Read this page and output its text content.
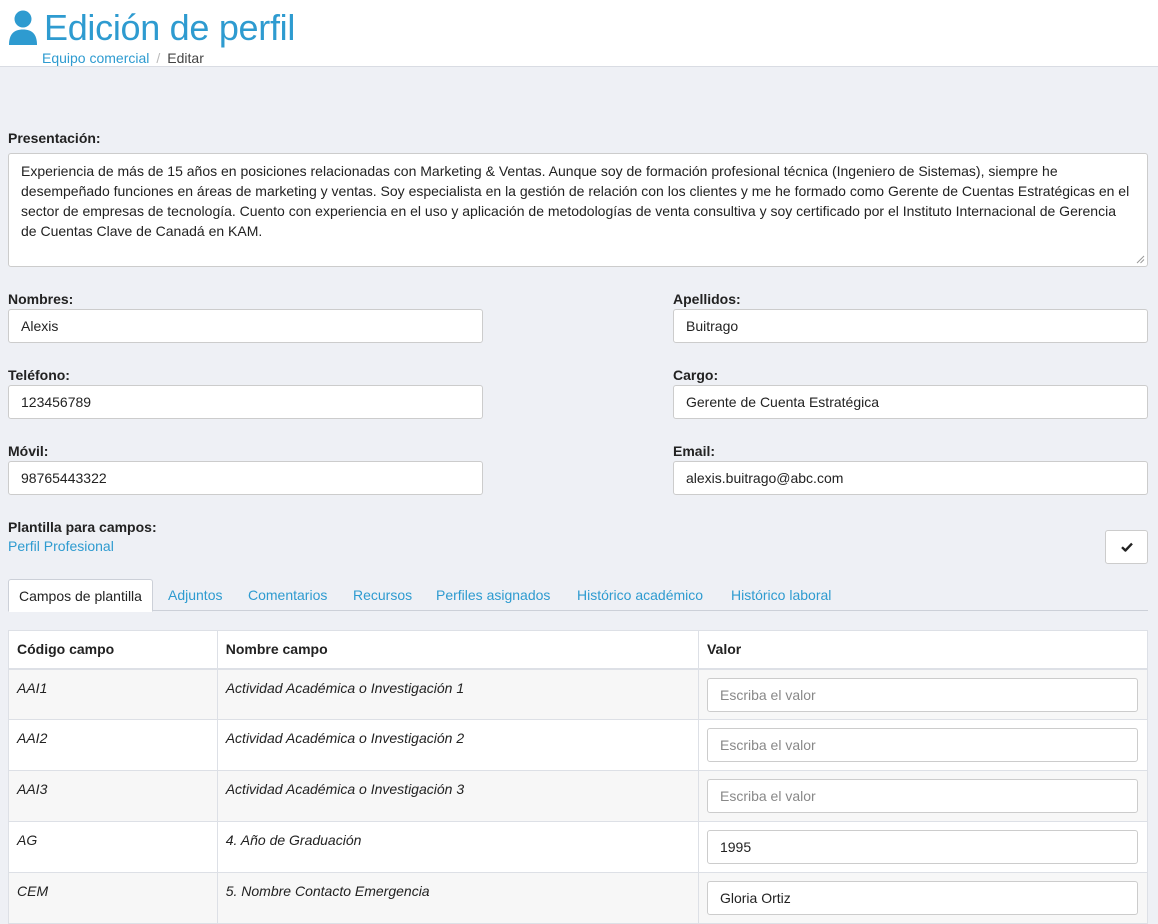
Edición de perfil
Equipo comercial / Editar
Presentación:
Experiencia de más de 15 años en posiciones relacionadas con Marketing & Ventas. Aunque soy de formación profesional técnica (Ingeniero de Sistemas), siempre he desempeñado funciones en áreas de marketing y ventas. Soy especialista en la gestión de relación con los clientes y me he formado como Gerente de Cuentas Estratégicas en el sector de empresas de tecnología. Cuento con experiencia en el uso y aplicación de metodologías de venta consultiva y soy certificado por el Instituto Internacional de Gerencia de Cuentas Clave de Canadá en KAM.
Nombres:
Alexis
Apellidos:
Buitrago
Teléfono:
123456789
Cargo:
Gerente de Cuenta Estratégica
Móvil:
98765443322
Email:
alexis.buitrago@abc.com
Plantilla para campos:
Perfil Profesional
Campos de plantilla	Adjuntos	Comentarios	Recursos	Perfiles asignados	Histórico académico	Histórico laboral
Código campo	Nombre campo	Valor
AAI1	Actividad Académica o Investigación 1	Escriba el valor

AAI2	Actividad Académica o Investigación 2	Escriba el valor

AAI3	Actividad Académica o Investigación 3	Escriba el valor

AG	4. Año de Graduación	1995

CEM	5. Nombre Contacto Emergencia	Gloria Ortiz
